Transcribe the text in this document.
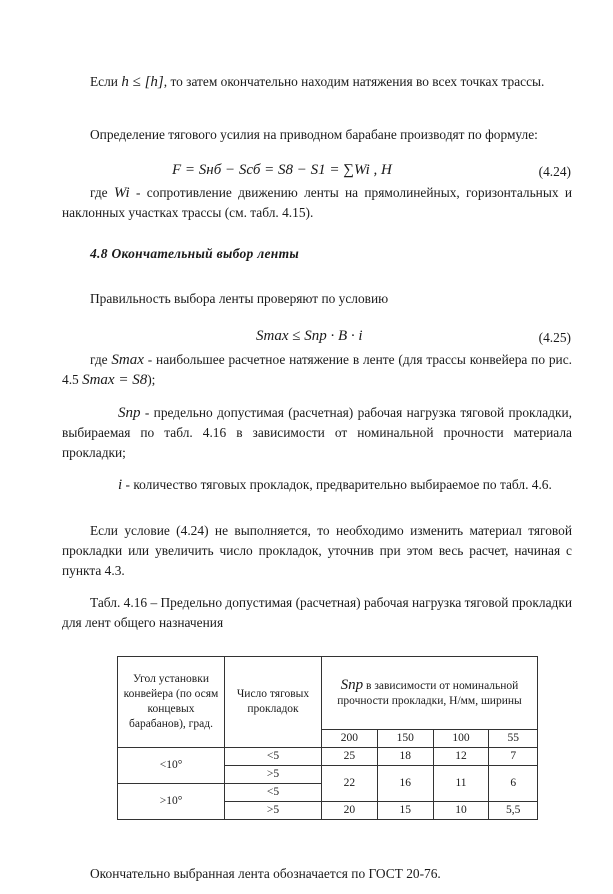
Если h ≤ [h], то затем окончательно находим натяжения во всех точках трассы.
Определение тягового усилия на приводном барабане производят по формуле:
F = Sнб − Sсб = S8 − S1 = ∑Wi , Н	(4.24)
где Wi - сопротивление движению ленты на прямолинейных, горизонтальных и наклонных участках трассы (см. табл. 4.15).
4.8 Окончательный выбор ленты
Правильность выбора ленты проверяют по условию
Smax ≤ Sпр · B · i	(4.25)
где Smax - наибольшее расчетное натяжение в ленте (для трассы конвейера по рис. 4.5 Smax = S8);
Sпр - предельно допустимая (расчетная) рабочая нагрузка тяговой прокладки, выбираемая по табл. 4.16 в зависимости от номинальной прочности материала прокладки;
i - количество тяговых прокладок, предварительно выбираемое по табл. 4.6.
Если условие (4.24) не выполняется, то необходимо изменить материал тяговой прокладки или увеличить число прокладок, уточнив при этом весь расчет, начиная с пункта 4.3.
Табл. 4.16 – Предельно допустимая (расчетная) рабочая нагрузка тяговой прокладки для лент общего назначения
Угол установки конвейера (по осям концевых барабанов), град.	Число тяговых прокладок	Sпр в зависимости от номинальной прочности прокладки, Н/мм, ширины			
		200	150	100	55
<10°	<5	25	18	12	7
	>5	22	16	11	6
>10°	<5				
	>5	20	15	10	5,5
Окончательно выбранная лента обозначается по ГОСТ 20-76.
